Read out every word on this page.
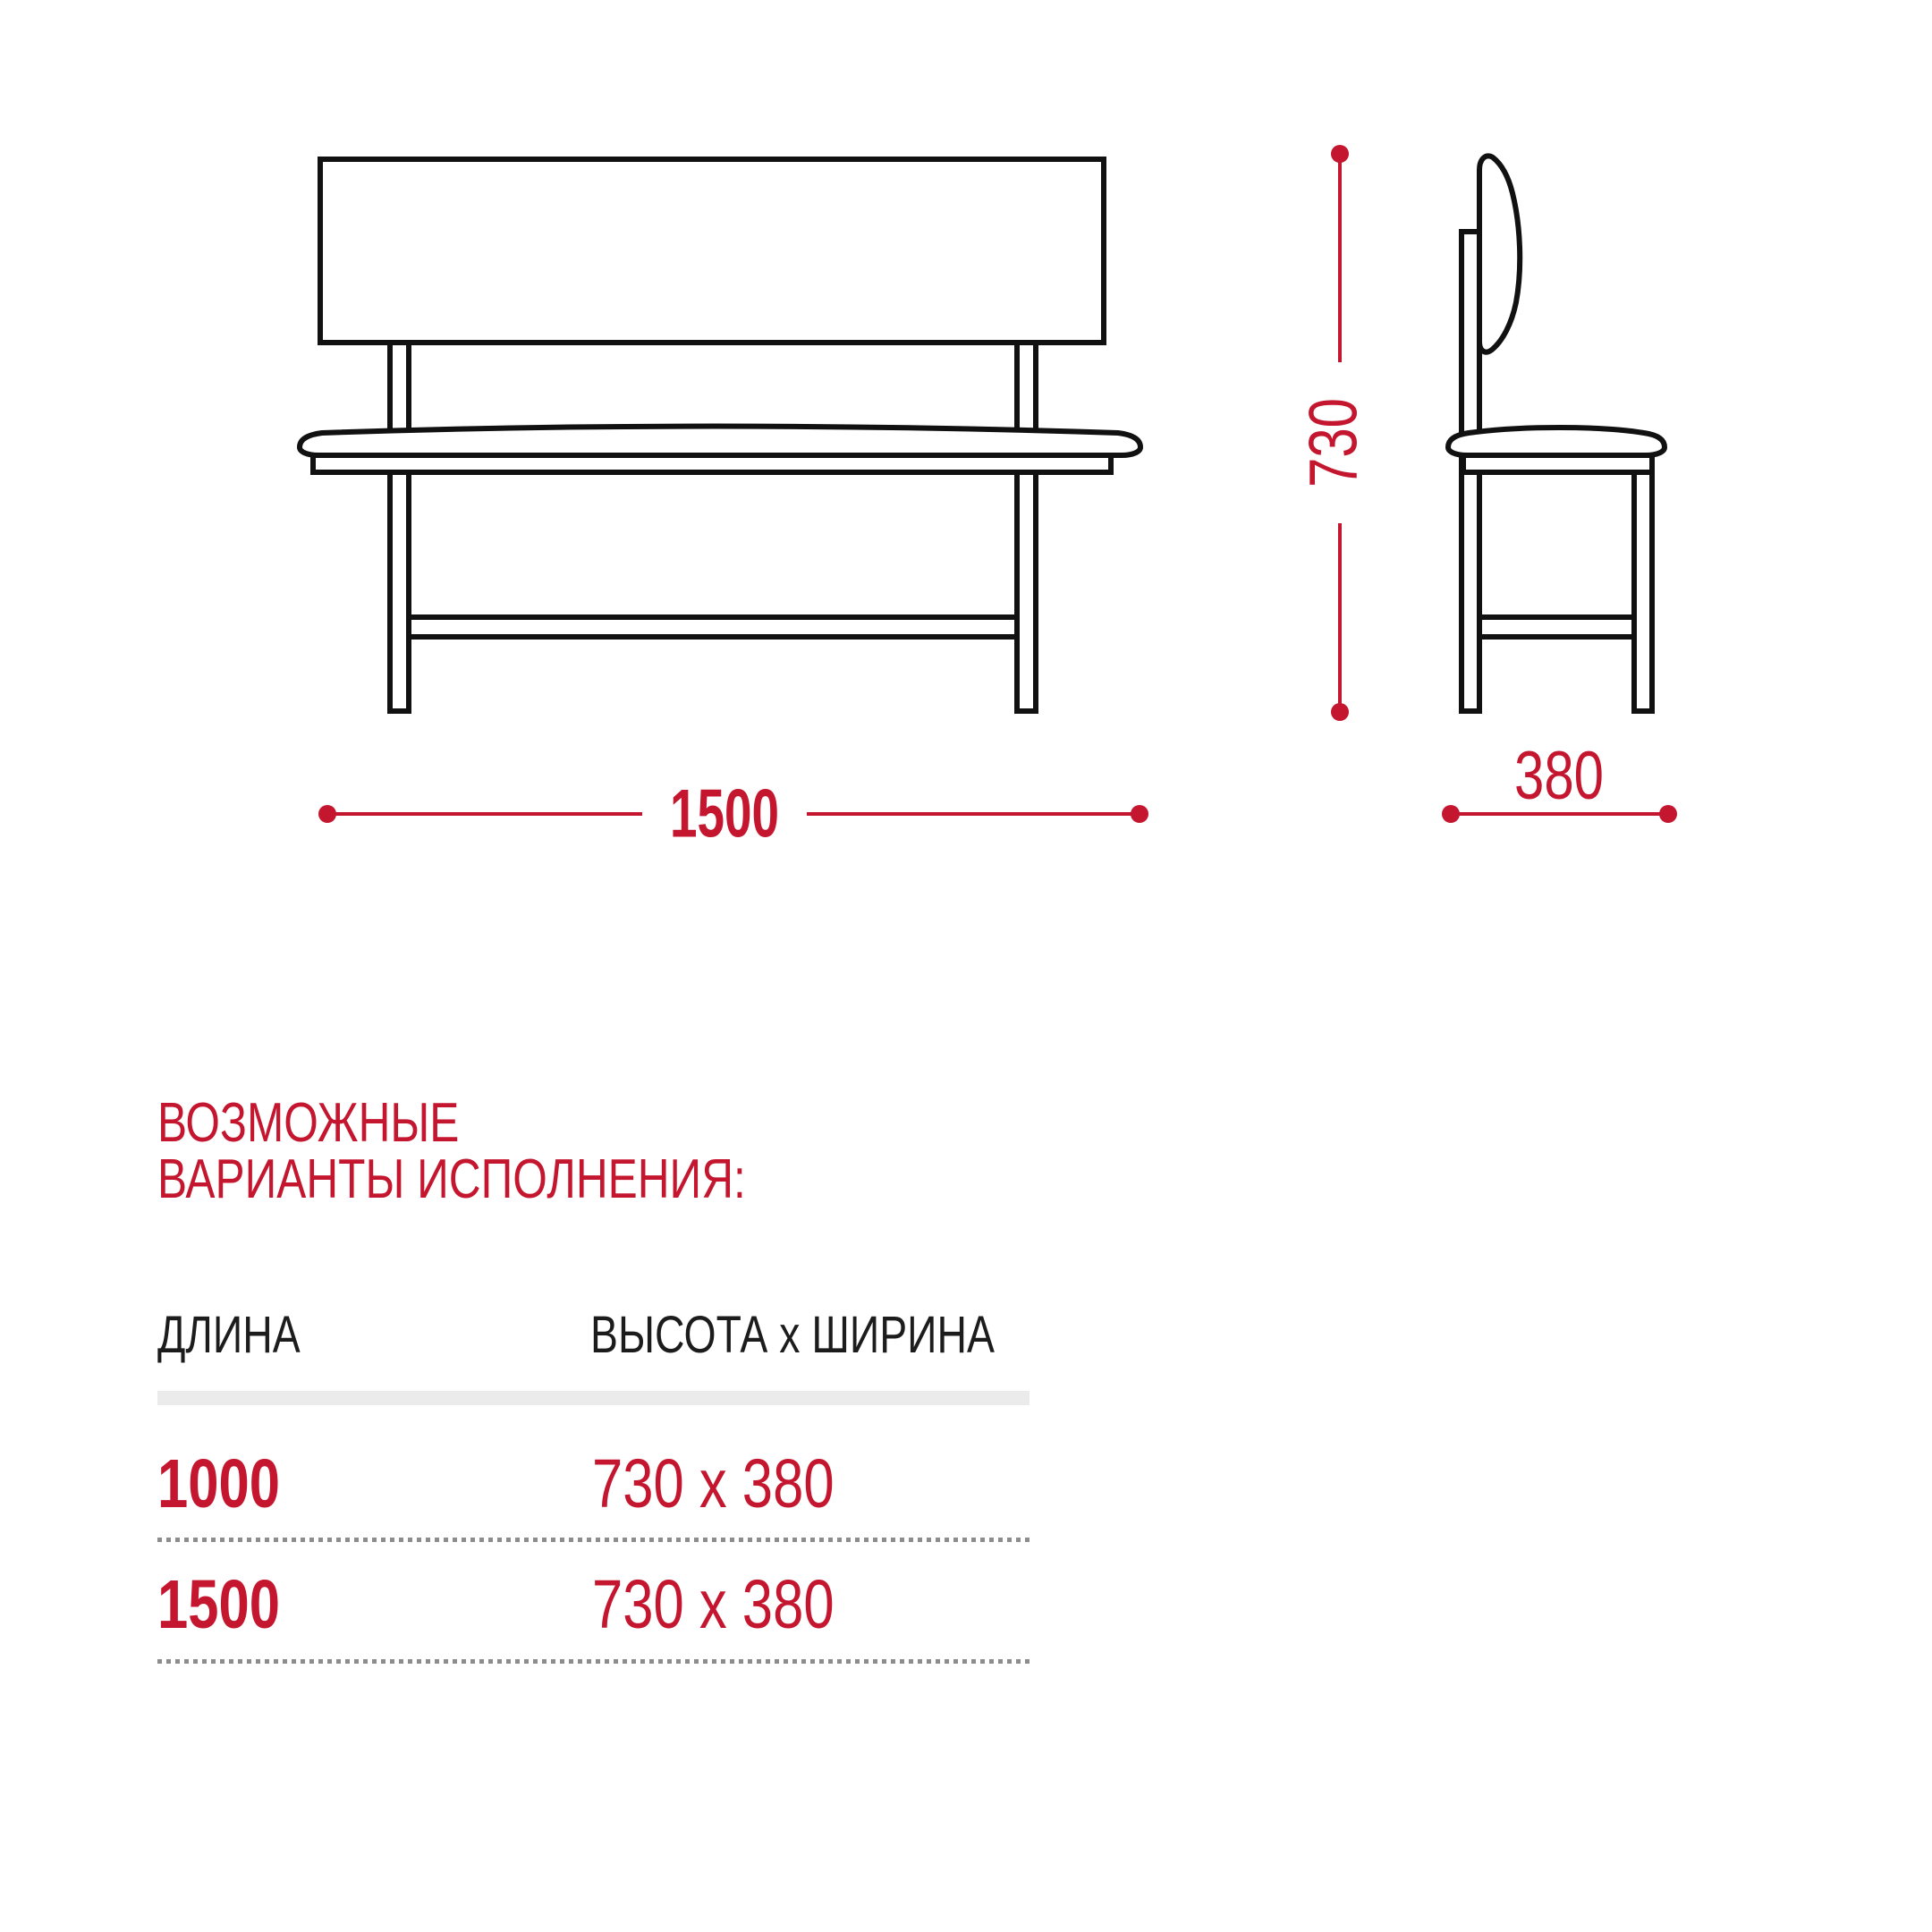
1500
730
380
ВОЗМОЖНЫЕ
ВАРИАНТЫ ИСПОЛНЕНИЯ:
ДЛИНА	ВЫСОТА x ШИРИНА
1000	730 x 380
1500	730 x 380
